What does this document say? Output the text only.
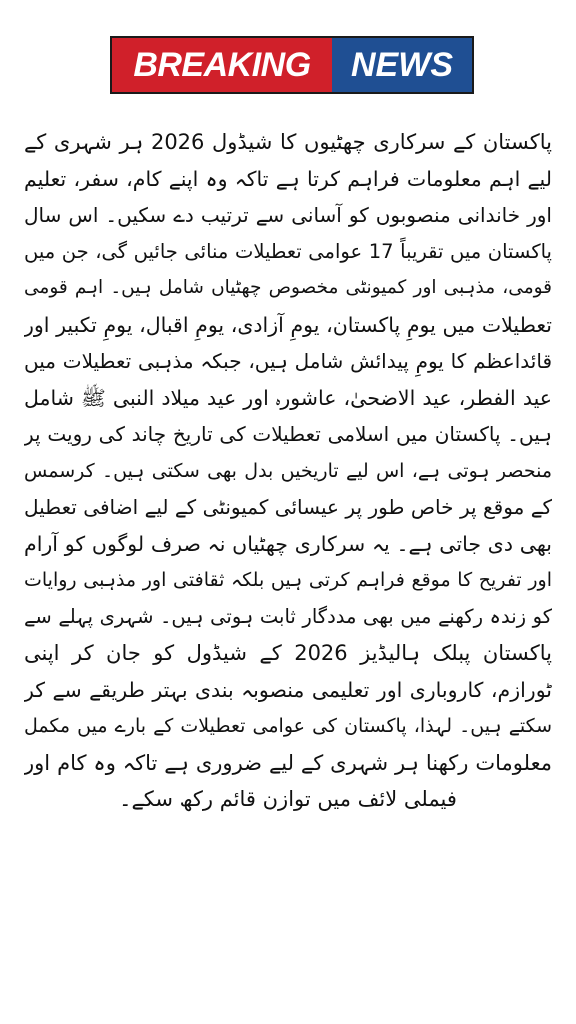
BREAKING	NEWS
پاکستان کے سرکاری چھٹیوں کا شیڈول 2026 ہر شہری کے
لیے اہم معلومات فراہم کرتا ہے تاکہ وہ اپنے کام، سفر، تعلیم
اور خاندانی منصوبوں کو آسانی سے ترتیب دے سکیں۔ اس سال
پاکستان میں تقریباً 17 عوامی تعطیلات منائی جائیں گی، جن میں
قومی، مذہبی اور کمیونٹی مخصوص چھٹیاں شامل ہیں۔ اہم قومی
تعطیلات میں یومِ پاکستان، یومِ آزادی، یومِ اقبال، یومِ تکبیر اور
قائداعظم کا یومِ پیدائش شامل ہیں، جبکہ مذہبی تعطیلات میں
عید الفطر، عید الاضحیٰ، عاشورہ اور عید میلاد النبی ﷺ شامل
ہیں۔ پاکستان میں اسلامی تعطیلات کی تاریخ چاند کی رویت پر
منحصر ہوتی ہے، اس لیے تاریخیں بدل بھی سکتی ہیں۔ کرسمس
کے موقع پر خاص طور پر عیسائی کمیونٹی کے لیے اضافی تعطیل
بھی دی جاتی ہے۔ یہ سرکاری چھٹیاں نہ صرف لوگوں کو آرام
اور تفریح کا موقع فراہم کرتی ہیں بلکہ ثقافتی اور مذہبی روایات
کو زندہ رکھنے میں بھی مددگار ثابت ہوتی ہیں۔ شہری پہلے سے
پاکستان پبلک ہالیڈیز 2026 کے شیڈول کو جان کر اپنی
ٹورازم، کاروباری اور تعلیمی منصوبہ بندی بہتر طریقے سے کر
سکتے ہیں۔ لہذا، پاکستان کی عوامی تعطیلات کے بارے میں مکمل
معلومات رکھنا ہر شہری کے لیے ضروری ہے تاکہ وہ کام اور
فیملی لائف میں توازن قائم رکھ سکے۔
